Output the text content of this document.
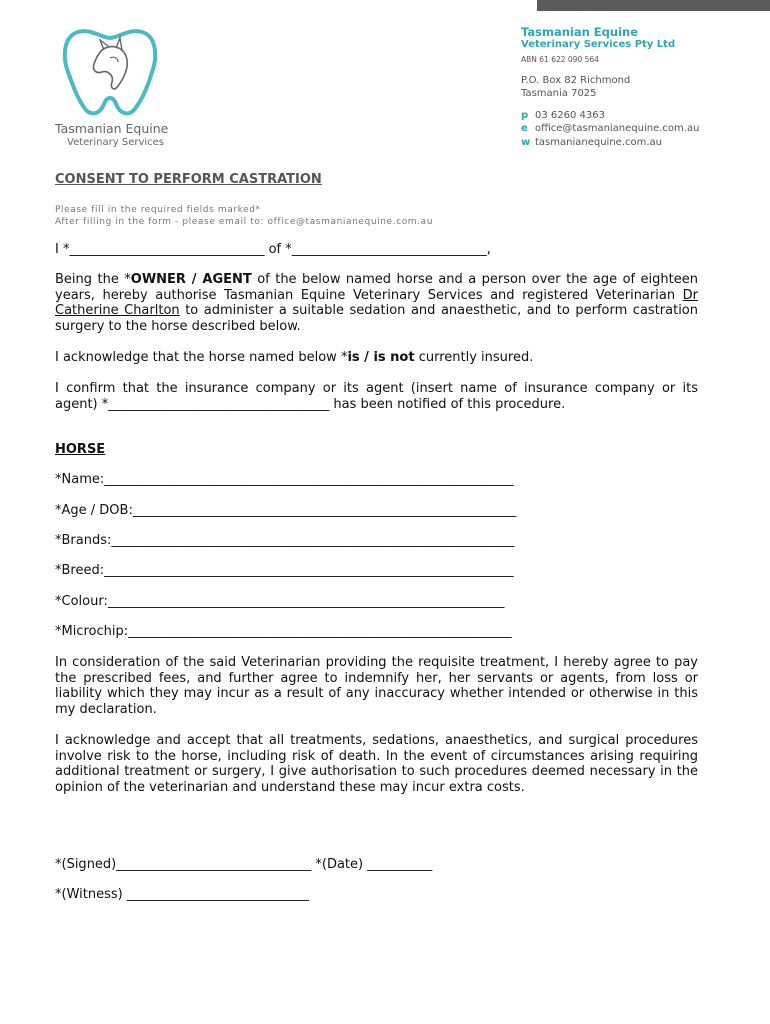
Tasmanian Equine
Veterinary Services
Tasmanian Equine
Veterinary Services Pty Ltd
ABN 61 622 090 564
P.O. Box 82 Richmond
Tasmania 7025
p 03 6260 4363
e office@tasmanianequine.com.au
w tasmanianequine.com.au
CONSENT TO PERFORM CASTRATION
Please fill in the required fields marked*
After filling in the form - please email to: office@tasmanianequine.com.au
I *______________________________ of *______________________________,
Being the *OWNER / AGENT of the below named horse and a person over the age of eighteen years, hereby authorise Tasmanian Equine Veterinary Services and registered Veterinarian Dr Catherine Charlton to administer a suitable sedation and anaesthetic, and to perform castration surgery to the horse described below.
I acknowledge that the horse named below *is / is not currently insured.
I confirm that the insurance company or its agent (insert name of insurance company or its agent) *__________________________________ has been notified of this procedure.
HORSE
*Name:_______________________________________________________________
*Age / DOB:___________________________________________________________
*Brands:______________________________________________________________
*Breed:_______________________________________________________________
*Colour:_____________________________________________________________
*Microchip:___________________________________________________________
In consideration of the said Veterinarian providing the requisite treatment, I hereby agree to pay the prescribed fees, and further agree to indemnify her, her servants or agents, from loss or liability which they may incur as a result of any inaccuracy whether intended or otherwise in this my declaration.
I acknowledge and accept that all treatments, sedations, anaesthetics, and surgical procedures involve risk to the horse, including risk of death. In the event of circumstances arising requiring additional treatment or surgery, I give authorisation to such procedures deemed necessary in the opinion of the veterinarian and understand these may incur extra costs.
*(Signed)______________________________ *(Date) __________
*(Witness) ____________________________
